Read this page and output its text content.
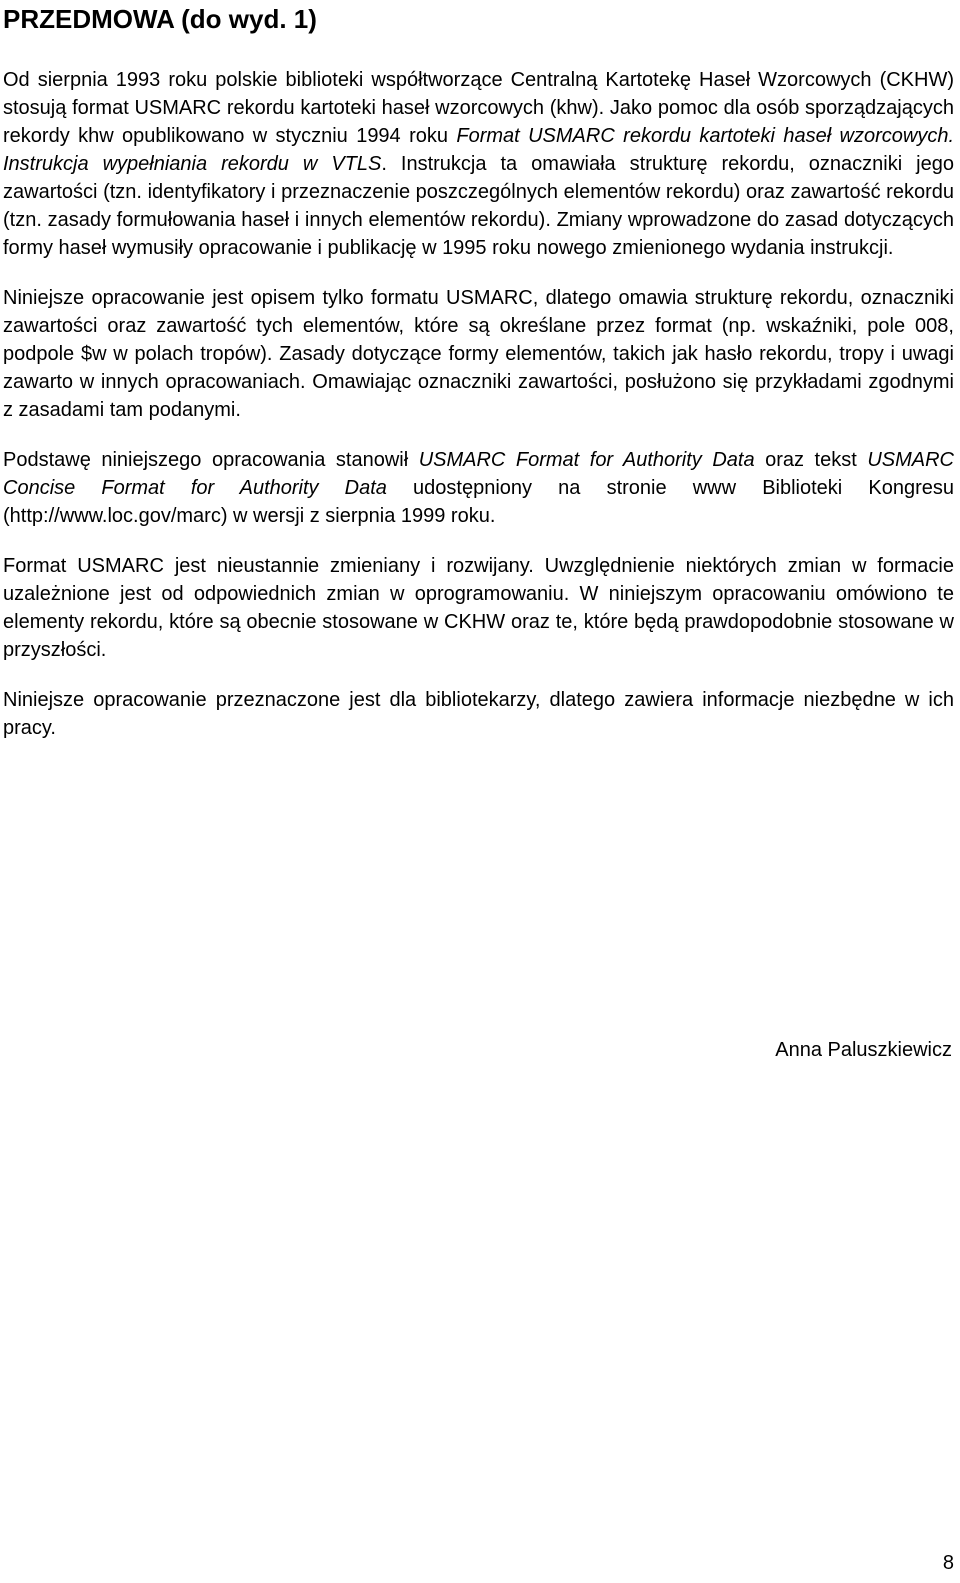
PRZEDMOWA (do wyd. 1)

Od sierpnia 1993 roku polskie biblioteki współtworzące Centralną Kartotekę Haseł Wzorcowych (CKHW) stosują format USMARC rekordu kartoteki haseł wzorcowych (khw). Jako pomoc dla osób sporządzających rekordy khw opublikowano w styczniu 1994 roku Format USMARC rekordu kartoteki haseł wzorcowych. Instrukcja wypełniania rekordu w VTLS. Instrukcja ta omawiała strukturę rekordu, oznaczniki jego zawartości (tzn. identyfikatory i przeznaczenie poszczególnych elementów rekordu) oraz zawartość rekordu (tzn. zasady formułowania haseł i innych elementów rekordu). Zmiany wprowadzone do zasad dotyczących formy haseł wymusiły opracowanie i publikację w 1995 roku nowego zmienionego wydania instrukcji.

Niniejsze opracowanie jest opisem tylko formatu USMARC, dlatego omawia strukturę rekordu, oznaczniki zawartości oraz zawartość tych elementów, które są określane przez format (np. wskaźniki, pole 008, podpole $w w polach tropów). Zasady dotyczące formy elementów, takich jak hasło rekordu, tropy i uwagi zawarto w innych opracowaniach. Omawiając oznaczniki zawartości, posłużono się przykładami zgodnymi z zasadami tam podanymi.

Podstawę niniejszego opracowania stanowił USMARC Format for Authority Data oraz tekst USMARC Concise Format for Authority Data udostępniony na stronie www Biblioteki Kongresu (http://www.loc.gov/marc) w wersji z sierpnia 1999 roku.

Format USMARC jest nieustannie zmieniany i rozwijany. Uwzględnienie niektórych zmian w formacie uzależnione jest od odpowiednich zmian w oprogramowaniu. W niniejszym opracowaniu omówiono te elementy rekordu, które są obecnie stosowane w CKHW oraz te, które będą prawdopodobnie stosowane w przyszłości.

Niniejsze opracowanie przeznaczone jest dla bibliotekarzy, dlatego zawiera informacje niezbędne w ich pracy.

Anna Paluszkiewicz
8
